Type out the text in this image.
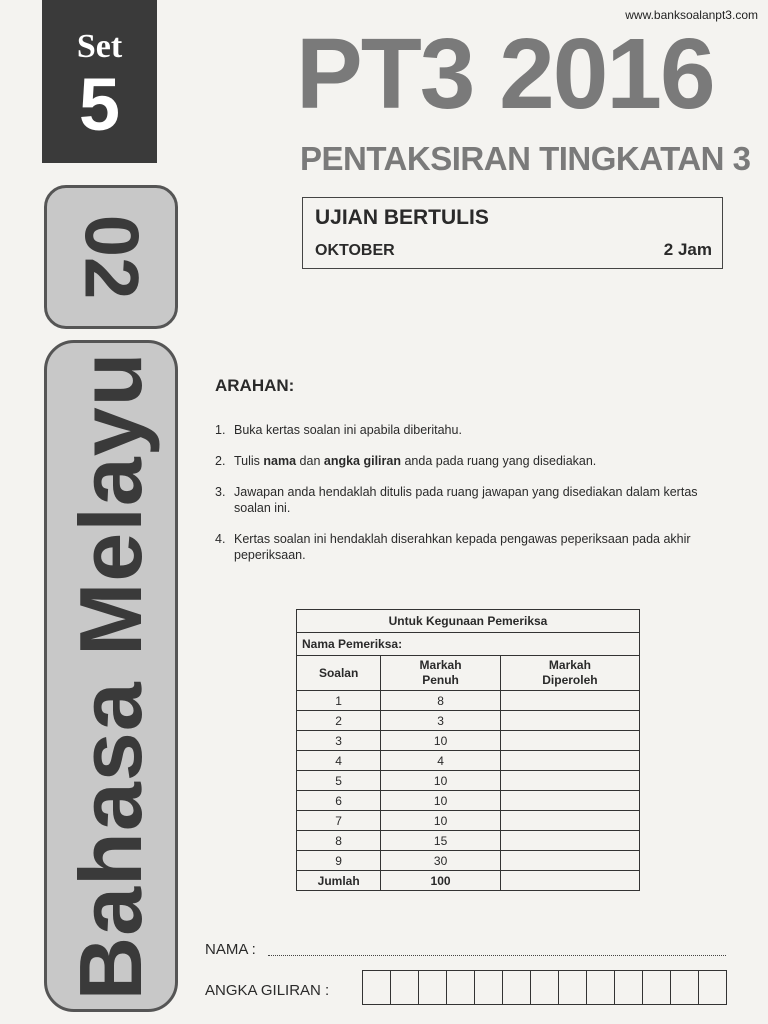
www.banksoalanpt3.com
Set
5
02
Bahasa Melayu
PT3 2016
PENTAKSIRAN TINGKATAN 3
UJIAN BERTULIS
OKTOBER	2 Jam
ARAHAN:
1. Buka kertas soalan ini apabila diberitahu.
2. Tulis nama dan angka giliran anda pada ruang yang disediakan.
3. Jawapan anda hendaklah ditulis pada ruang jawapan yang disediakan dalam kertas soalan ini.
4. Kertas soalan ini hendaklah diserahkan kepada pengawas peperiksaan pada akhir peperiksaan.
Untuk Kegunaan Pemeriksa		
Nama Pemeriksa:		
Soalan	Markah Penuh	Markah Diperoleh
1	8	
2	3	
3	10	
4	4	
5	10	
6	10	
7	10	
8	15	
9	30	
Jumlah	100	
NAMA :
ANGKA GILIRAN :
